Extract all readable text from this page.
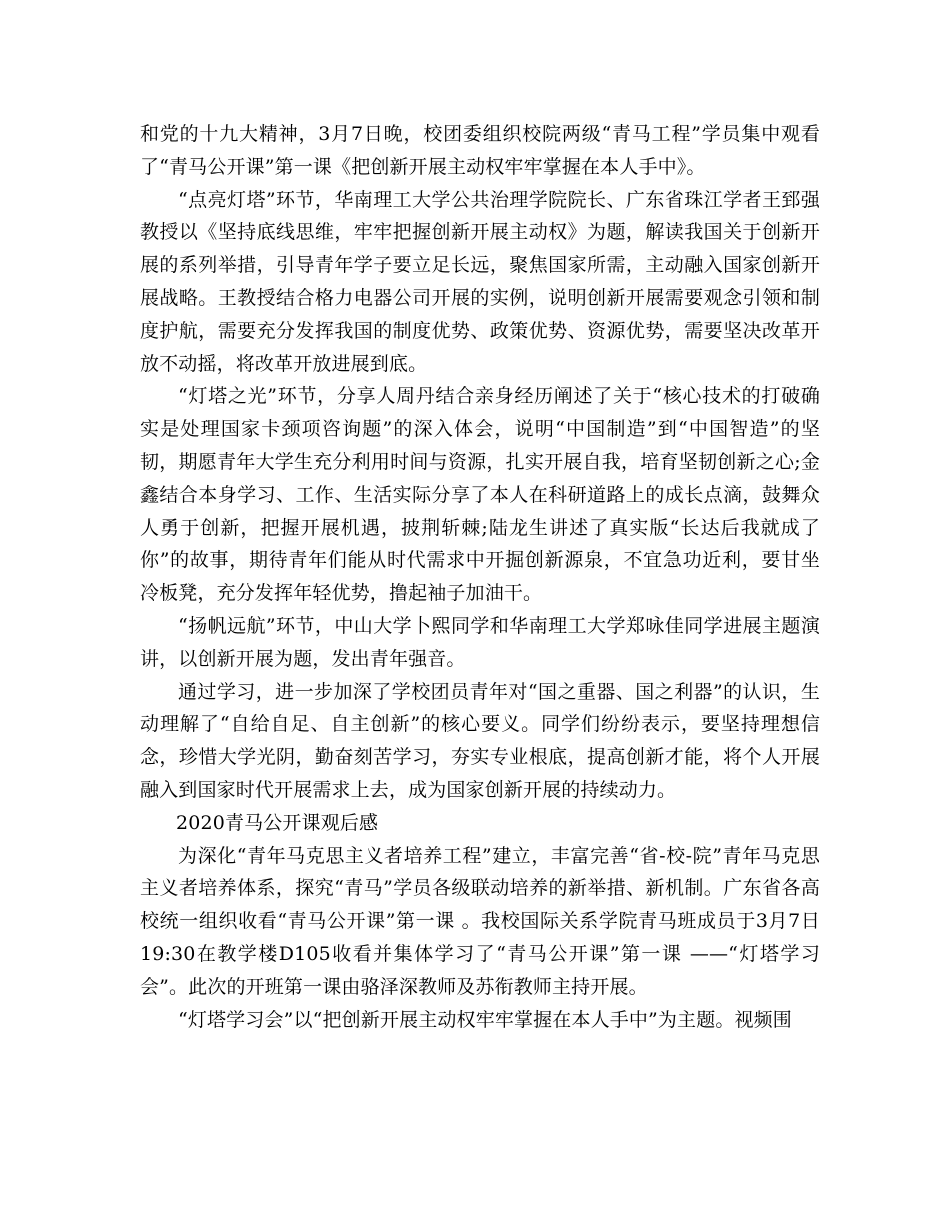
和党的十九大精神，3月7日晚，校团委组织校院两级“青马工程”学员集中观看了“青马公开课”第一课《把创新开展主动权牢牢掌握在本人手中》。

“点亮灯塔”环节，华南理工大学公共治理学院院长、广东省珠江学者王郅强教授以《坚持底线思维，牢牢把握创新开展主动权》为题，解读我国关于创新开展的系列举措，引导青年学子要立足长远，聚焦国家所需，主动融入国家创新开展战略。王教授结合格力电器公司开展的实例，说明创新开展需要观念引领和制度护航，需要充分发挥我国的制度优势、政策优势、资源优势，需要坚决改革开放不动摇，将改革开放进展到底。

“灯塔之光”环节，分享人周丹结合亲身经历阐述了关于“核心技术的打破确实是处理国家卡颈项咨询题”的深入体会，说明“中国制造”到“中国智造”的坚韧，期愿青年大学生充分利用时间与资源，扎实开展自我，培育坚韧创新之心;金鑫结合本身学习、工作、生活实际分享了本人在科研道路上的成长点滴，鼓舞众人勇于创新，把握开展机遇，披荆斩棘;陆龙生讲述了真实版“长达后我就成了你”的故事，期待青年们能从时代需求中开掘创新源泉，不宜急功近利，要甘坐冷板凳，充分发挥年轻优势，撸起袖子加油干。

“扬帆远航”环节，中山大学卜熙同学和华南理工大学郑咏佳同学进展主题演讲，以创新开展为题，发出青年强音。

通过学习，进一步加深了学校团员青年对“国之重器、国之利器”的认识，生动理解了“自给自足、自主创新”的核心要义。同学们纷纷表示，要坚持理想信念，珍惜大学光阴，勤奋刻苦学习，夯实专业根底，提高创新才能，将个人开展融入到国家时代开展需求上去，成为国家创新开展的持续动力。

2020青马公开课观后感

为深化“青年马克思主义者培养工程”建立，丰富完善“省-校-院”青年马克思主义者培养体系，探究“青马”学员各级联动培养的新举措、新机制。广东省各高校统一组织收看“青马公开课”第一课 。我校国际关系学院青马班成员于3月7日19:30在教学楼D105收看并集体学习了“青马公开课”第一课 ——“灯塔学习会”。此次的开班第一课由骆泽深教师及苏衔教师主持开展。

“灯塔学习会”以“把创新开展主动权牢牢掌握在本人手中”为主题。视频围
